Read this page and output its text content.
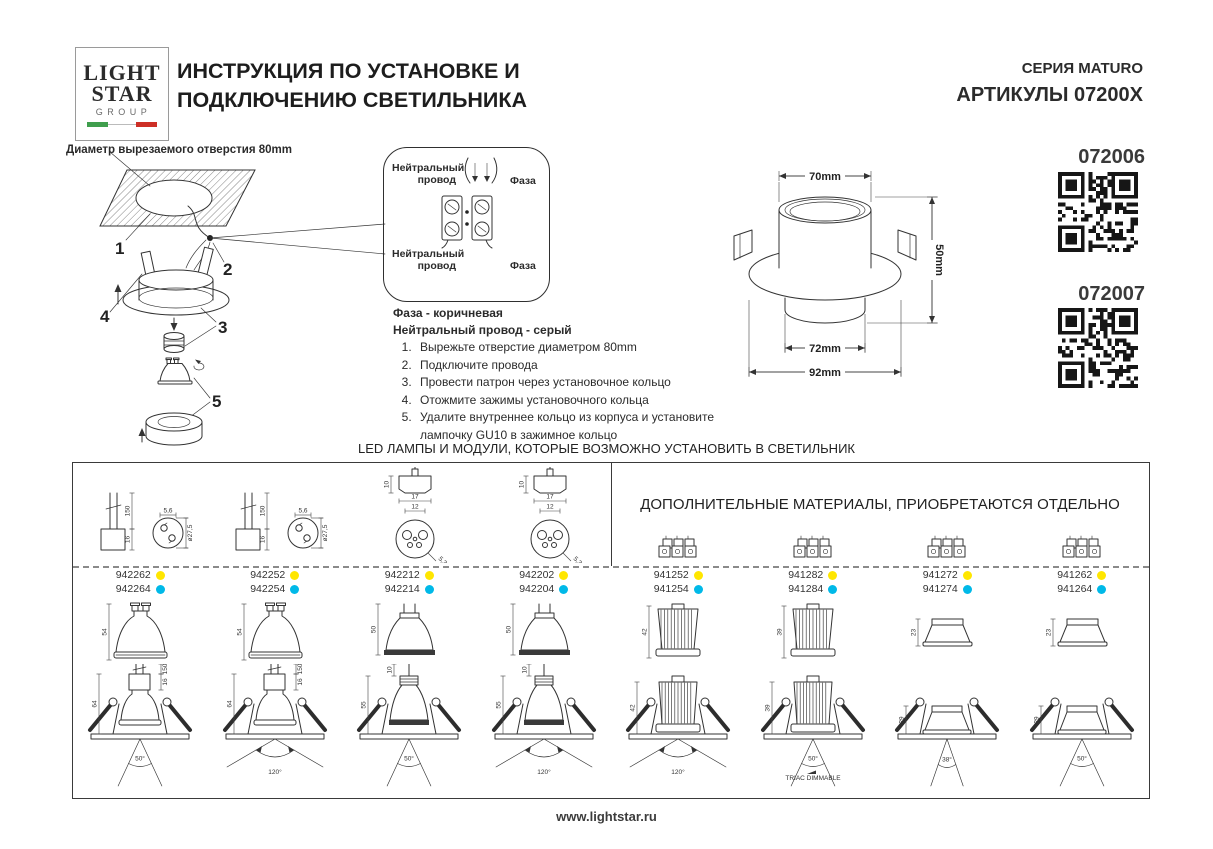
LIGHT
STAR
GROUP
ИНСТРУКЦИЯ ПО УСТАНОВКЕ И
ПОДКЛЮЧЕНИЮ СВЕТИЛЬНИКА
СЕРИЯ MATURO
АРТИКУЛЫ 07200X
Диаметр вырезаемого отверстия 80mm
1
2
4
3
5
Нейтральный провод	Фаза
Нейтральный провод	Фаза
Фаза - коричневая
Нейтральный провод - серый
1. Вырежьте отверстие диаметром 80mm
2. Подключите провода
3. Провести патрон через установочное кольцо
4. Отожмите зажимы установочного кольца
5. Удалите внутреннее кольцо из корпуса и установите лампочку GU10 в зажимное кольцо
70mm
50mm
72mm
92mm
072006
072007
LED ЛАМПЫ И МОДУЛИ, КОТОРЫЕ ВОЗМОЖНО УСТАНОВИТЬ В СВЕТИЛЬНИК
ДОПОЛНИТЕЛЬНЫЕ МАТЕРИАЛЫ, ПРИОБРЕТАЮТСЯ ОТДЕЛЬНО
150
16
5,6
ø27,5
942262
942264
54
64
150
16
50°
150
16
5,6
ø27,5
942252
942254
54
64
150
16
120°
10
17
12
5,3
942212
942214
50
55
10
50°
10
17
12
5,3
942202
942204
50
55
10
120°
941252
941254
42
42
120°
941282
941284
39
39
50°
TRIAC DIMMABLE
941272
941274
23
29
38°
941262
941264
23
29
50°
www.lightstar.ru
